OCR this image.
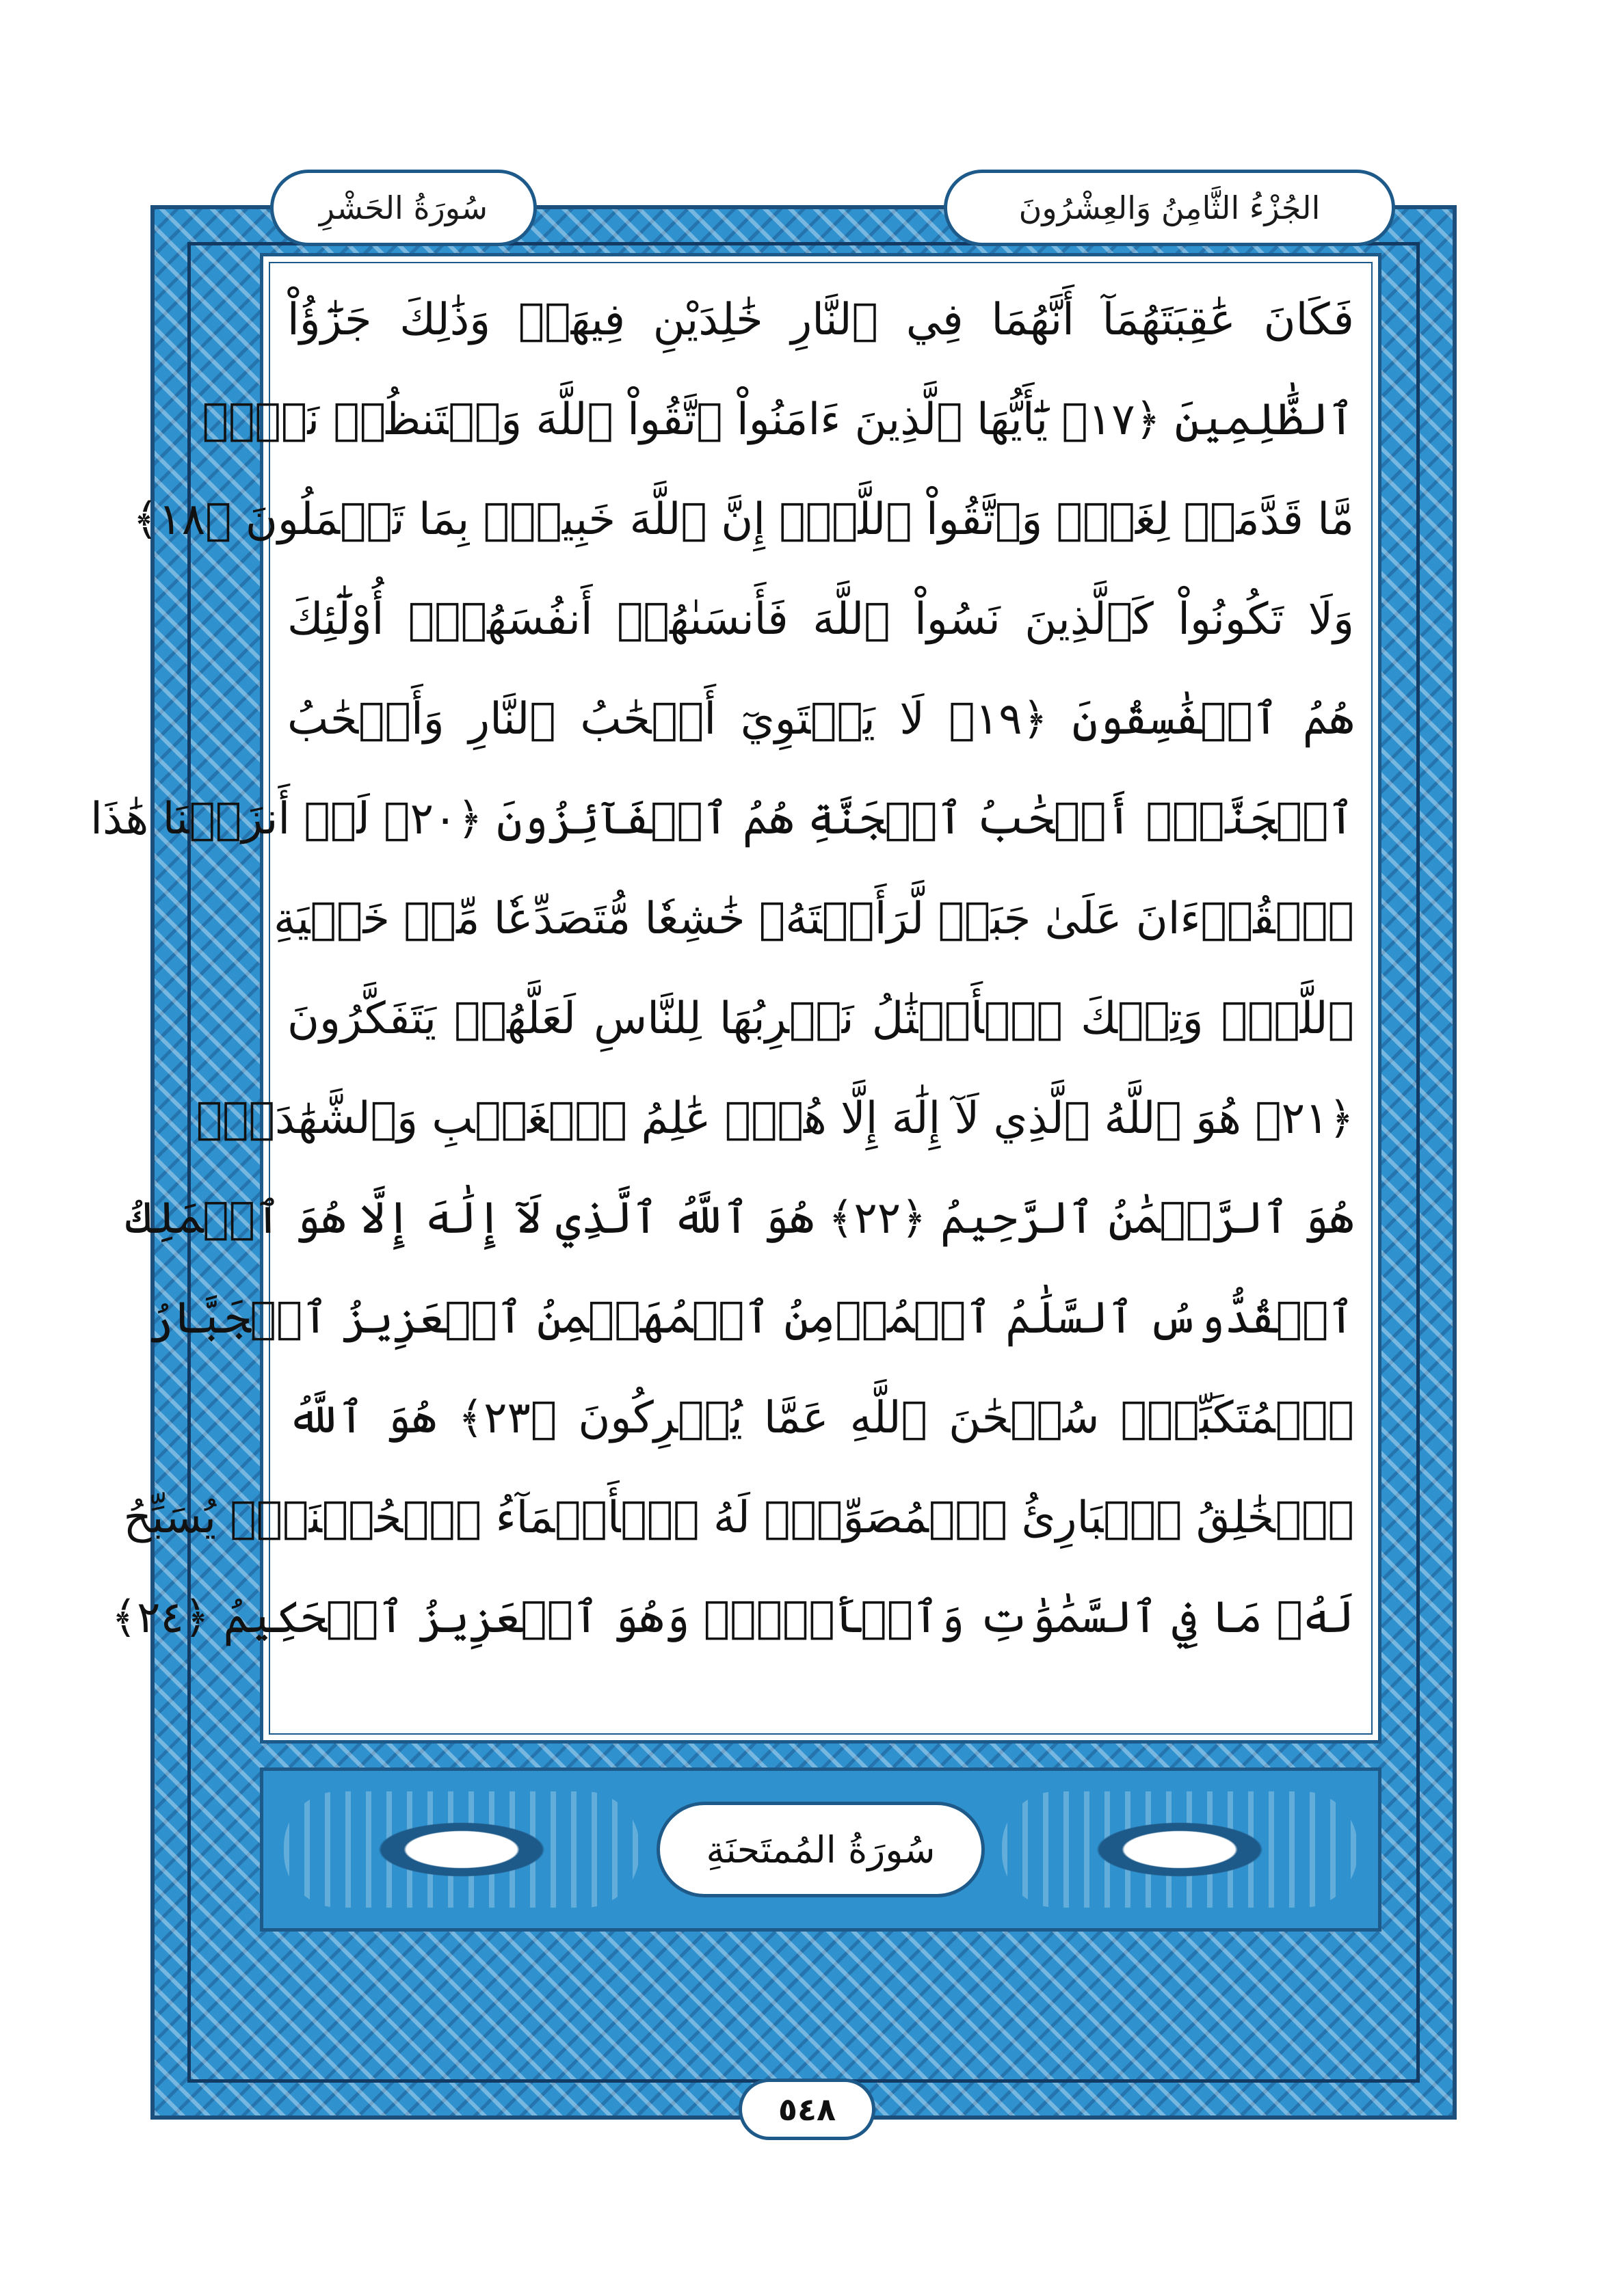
سُورَةُ الحَشْرِ	الجُزْءُ الثَّامِنُ وَالعِشْرُونَ
فَكَانَ عَٰقِبَتَهُمَآ أَنَّهُمَا فِي ٱلنَّارِ خَٰلِدَيْنِ فِيهَاۚ وَذَٰلِكَ جَزَٰٓؤُاْ
ٱلظَّٰلِمِينَ ﴿١٧﴾ يَٰٓأَيُّهَا ٱلَّذِينَ ءَامَنُواْ ٱتَّقُواْ ٱللَّهَ وَلۡتَنظُرۡ نَفۡسٞ
مَّا قَدَّمَتۡ لِغَدٖۖ وَٱتَّقُواْ ٱللَّهَۚ إِنَّ ٱللَّهَ خَبِيرُۢ بِمَا تَعۡمَلُونَ ﴿١٨﴾
وَلَا تَكُونُواْ كَٱلَّذِينَ نَسُواْ ٱللَّهَ فَأَنسَىٰهُمۡ أَنفُسَهُمۡۚ أُوْلَٰٓئِكَ
هُمُ ٱلۡفَٰسِقُونَ ﴿١٩﴾ لَا يَسۡتَوِيٓ أَصۡحَٰبُ ٱلنَّارِ وَأَصۡحَٰبُ
ٱلۡجَنَّةِۚ أَصۡحَٰبُ ٱلۡجَنَّةِ هُمُ ٱلۡفَآئِزُونَ ﴿٢٠﴾ لَوۡ أَنزَلۡنَا هَٰذَا
ٱلۡقُرۡءَانَ عَلَىٰ جَبَلٖ لَّرَأَيۡتَهُۥ خَٰشِعٗا مُّتَصَدِّعٗا مِّنۡ خَشۡيَةِ
ٱللَّهِۚ وَتِلۡكَ ٱلۡأَمۡثَٰلُ نَضۡرِبُهَا لِلنَّاسِ لَعَلَّهُمۡ يَتَفَكَّرُونَ
﴿٢١﴾ هُوَ ٱللَّهُ ٱلَّذِي لَآ إِلَٰهَ إِلَّا هُوَۖ عَٰلِمُ ٱلۡغَيۡبِ وَٱلشَّهَٰدَةِۖ
هُوَ ٱلرَّحۡمَٰنُ ٱلرَّحِيمُ ﴿٢٢﴾ هُوَ ٱللَّهُ ٱلَّذِي لَآ إِلَٰهَ إِلَّا هُوَ ٱلۡمَلِكُ
ٱلۡقُدُّوسُ ٱلسَّلَٰمُ ٱلۡمُؤۡمِنُ ٱلۡمُهَيۡمِنُ ٱلۡعَزِيزُ ٱلۡجَبَّارُ
ٱلۡمُتَكَبِّرُۚ سُبۡحَٰنَ ٱللَّهِ عَمَّا يُشۡرِكُونَ ﴿٢٣﴾ هُوَ ٱللَّهُ
ٱلۡخَٰلِقُ ٱلۡبَارِئُ ٱلۡمُصَوِّرُۖ لَهُ ٱلۡأَسۡمَآءُ ٱلۡحُسۡنَىٰۚ يُسَبِّحُ
لَهُۥ مَا فِي ٱلسَّمَٰوَٰتِ وَٱلۡأَرۡضِۖ وَهُوَ ٱلۡعَزِيزُ ٱلۡحَكِيمُ ﴿٢٤﴾
سُورَةُ المُمتَحنَةِ
٥٤٨
